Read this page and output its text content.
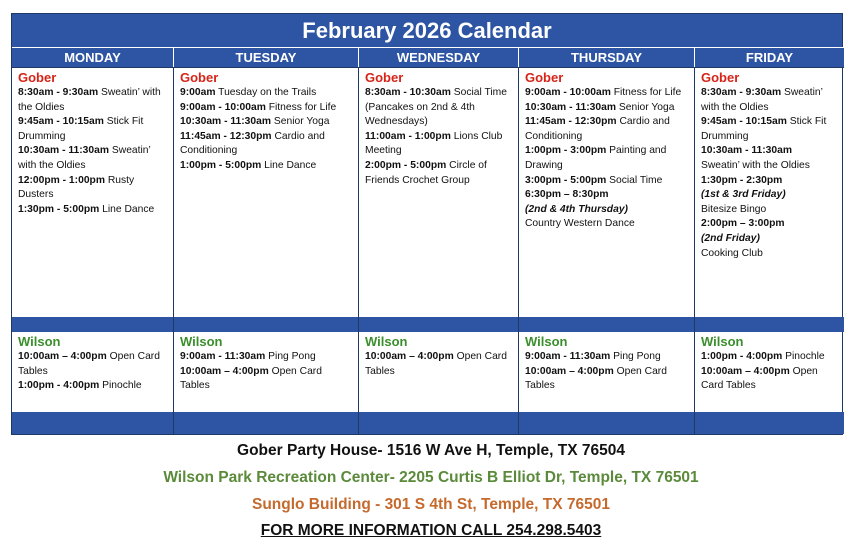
February 2026 Calendar
MONDAY	TUESDAY	WEDNESDAY	THURSDAY	FRIDAY
Gober
8:30am - 9:30am Sweatin’ with the Oldies
9:45am - 10:15am Stick Fit Drumming
10:30am - 11:30am Sweatin’ with the Oldies
12:00pm - 1:00pm Rusty Dusters
1:30pm - 5:00pm Line Dance
Gober
9:00am Tuesday on the Trails
9:00am - 10:00am Fitness for Life
10:30am - 11:30am Senior Yoga
11:45am - 12:30pm Cardio and Conditioning
1:00pm - 5:00pm Line Dance
Gober
8:30am - 10:30am Social Time (Pancakes on 2nd & 4th Wednesdays)
11:00am - 1:00pm Lions Club Meeting
2:00pm - 5:00pm Circle of Friends Crochet Group
Gober
9:00am - 10:00am Fitness for Life
10:30am - 11:30am Senior Yoga
11:45am - 12:30pm Cardio and Conditioning
1:00pm - 3:00pm Painting and Drawing
3:00pm - 5:00pm Social Time
6:30pm – 8:30pm
(2nd & 4th Thursday)
Country Western Dance
Gober
8:30am - 9:30am Sweatin’ with the Oldies
9:45am - 10:15am Stick Fit Drumming
10:30am - 11:30am
Sweatin’ with the Oldies
1:30pm - 2:30pm
(1st & 3rd Friday)
Bitesize Bingo
2:00pm – 3:00pm
(2nd Friday)
Cooking Club
Wilson
10:00am – 4:00pm Open Card Tables
1:00pm - 4:00pm Pinochle
Wilson
9:00am - 11:30am Ping Pong
10:00am – 4:00pm Open Card Tables
Wilson
10:00am – 4:00pm Open Card Tables
Wilson
9:00am - 11:30am Ping Pong
10:00am – 4:00pm Open Card Tables
Wilson
1:00pm - 4:00pm Pinochle
10:00am – 4:00pm Open Card Tables
Gober Party House- 1516 W Ave H, Temple, TX 76504
Wilson Park Recreation Center- 2205 Curtis B Elliot Dr, Temple, TX 76501
Sunglo Building - 301 S 4th St, Temple, TX 76501
FOR MORE INFORMATION CALL 254.298.5403
